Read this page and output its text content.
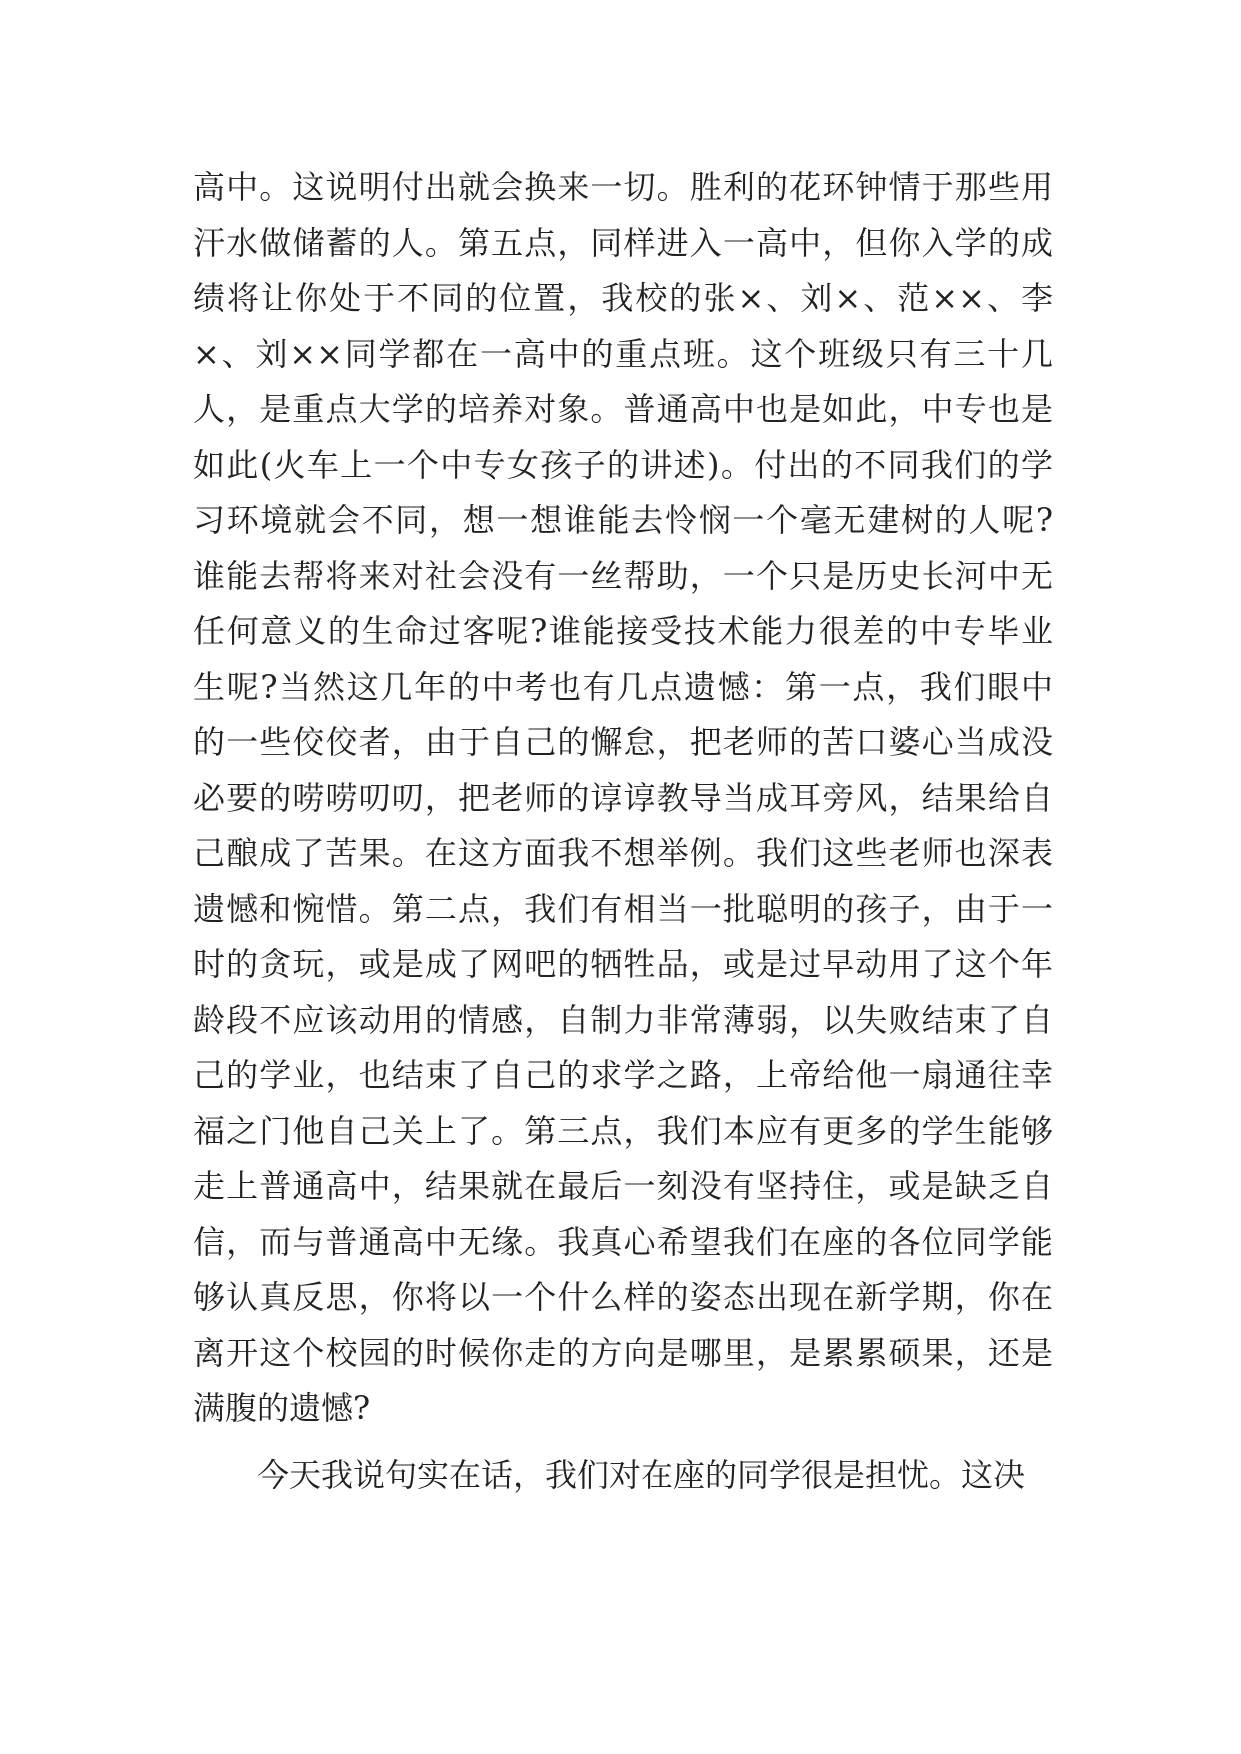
高中。这说明付出就会换来一切。胜利的花环钟情于那些用
汗水做储蓄的人。第五点，同样进入一高中，但你入学的成
绩将让你处于不同的位置，我校的张×、刘×、范××、李
×、刘××同学都在一高中的重点班。这个班级只有三十几
人，是重点大学的培养对象。普通高中也是如此，中专也是
如此(火车上一个中专女孩子的讲述)。付出的不同我们的学
习环境就会不同，想一想谁能去怜悯一个毫无建树的人呢?
谁能去帮将来对社会没有一丝帮助，一个只是历史长河中无
任何意义的生命过客呢?谁能接受技术能力很差的中专毕业
生呢?当然这几年的中考也有几点遗憾：第一点，我们眼中
的一些佼佼者，由于自己的懈怠，把老师的苦口婆心当成没
必要的唠唠叨叨，把老师的谆谆教导当成耳旁风，结果给自
己酿成了苦果。在这方面我不想举例。我们这些老师也深表
遗憾和惋惜。第二点，我们有相当一批聪明的孩子，由于一
时的贪玩，或是成了网吧的牺牲品，或是过早动用了这个年
龄段不应该动用的情感，自制力非常薄弱，以失败结束了自
己的学业，也结束了自己的求学之路，上帝给他一扇通往幸
福之门他自己关上了。第三点，我们本应有更多的学生能够
走上普通高中，结果就在最后一刻没有坚持住，或是缺乏自
信，而与普通高中无缘。我真心希望我们在座的各位同学能
够认真反思，你将以一个什么样的姿态出现在新学期，你在
离开这个校园的时候你走的方向是哪里，是累累硕果，还是
满腹的遗憾?
今天我说句实在话，我们对在座的同学很是担忧。这决
